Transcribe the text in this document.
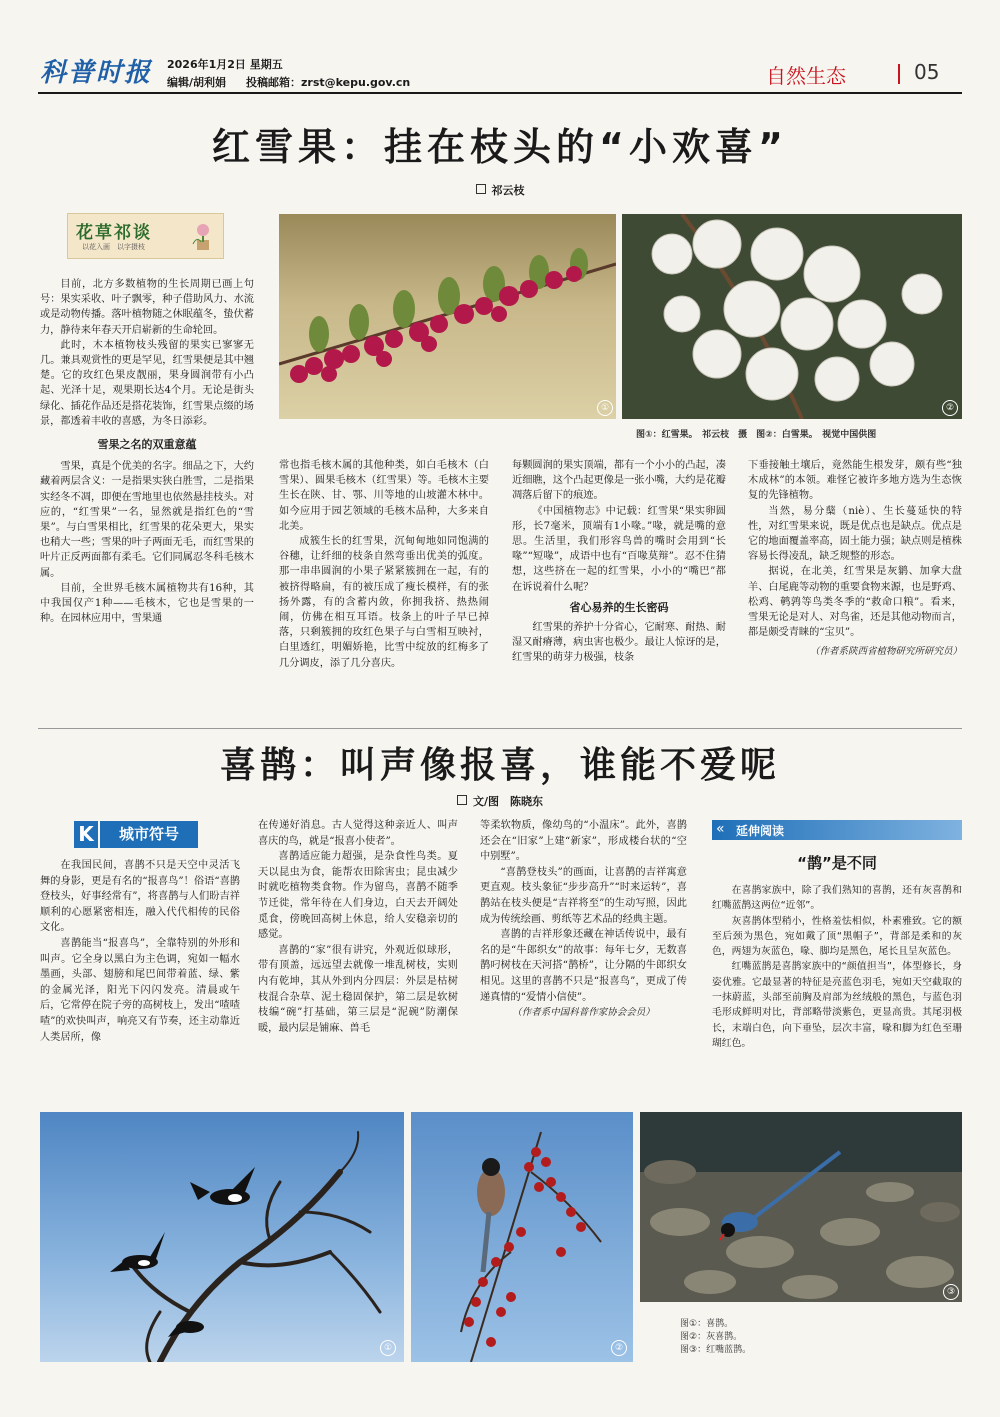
科普时报 2026年1月2日 星期五
编辑/胡利娟 投稿邮箱：zrst@kepu.gov.cn	自然生态	05
红雪果：挂在枝头的“小欢喜”
祁云枝
花草祁谈
以花入画　以字摄枝
①	②
图①：红雪果。　祁云枝　摄　图②：白雪果。　视觉中国供图

目前，北方多数植物的生长周期已画上句号：果实采收、叶子飘零，种子借助风力、水流或是动物传播。落叶植物随之休眠蕴冬，蛰伏蓄力，静待来年春天开启崭新的生命轮回。

此时，木本植物枝头残留的果实已寥寥无几。兼具观赏性的更是罕见，红雪果便是其中翘楚。它的玫红色果皮靓丽，果身圆润带有小凸起、光泽十足，观果期长达4个月。无论是街头绿化、插花作品还是搭花装饰，红雪果点缀的场景，都透着丰收的喜感，为冬日添彩。

雪果之名的双重意蕴

雪果，真是个优美的名字。细品之下，大约藏着两层含义：一是指果实狭白胜雪，二是指果实经冬不凋，即便在雪地里也依然悬挂枝头。对应的，“红雪果”一名，显然就是指红色的“雪果”。与白雪果相比，红雪果的花朵更大，果实也稍大一些；雪果的叶子两面无毛，而红雪果的叶片正反两面都有柔毛。它们同属忍冬科毛核木属。

目前，全世界毛核木属植物共有16种，其中我国仅产1种——毛核木，它也是雪果的一种。在园林应用中，雪果通

常也指毛核木属的其他种类，如白毛核木（白雪果）、圆果毛核木（红雪果）等。毛核木主要生长在陕、甘、鄂、川等地的山坡灌木林中。如今应用于园艺领域的毛核木品种，大多来自北美。

成簇生长的红雪果，沉甸甸地如同饱满的谷穗，让纤细的枝条自然弯垂出优美的弧度。那一串串圆润的小果子紧紧簇拥在一起，有的被挤得略扁，有的被压成了瘦长模样，有的张扬外露，有的含蓄内敛，你拥我挤、热热闹闹，仿佛在相互耳语。枝条上的叶子早已掉落，只剩簇拥的玫红色果子与白雪相互映衬，白里透红，明媚娇艳，比雪中绽放的红梅多了几分调皮，添了几分喜庆。

每颗圆润的果实顶端，都有一个小小的凸起，凑近细瞧，这个凸起更像是一张小嘴，大约是花瓣凋落后留下的痕迹。

《中国植物志》中记载：红雪果“果实卵圆形，长7毫米，顶端有1小喙。”喙，就是嘴的意思。生活里，我们形容鸟兽的嘴时会用到“长喙”“短喙”，成语中也有“百喙莫辩”。忍不住猜想，这些挤在一起的红雪果，小小的“嘴巴”都在诉说着什么呢？

省心易养的生长密码

红雪果的养护十分省心，它耐寒、耐热、耐湿又耐瘠薄，病虫害也极少。最让人惊讶的是，红雪果的萌芽力极强，枝条

下垂接触土壤后，竟然能生根发芽，颇有些“独木成林”的本领。难怪它被许多地方选为生态恢复的先锋植物。

当然，易分蘖（niè）、生长蔓延快的特性，对红雪果来说，既是优点也是缺点。优点是它的地面覆盖率高，固土能力强；缺点则是植株容易长得凌乱，缺乏规整的形态。

据说，在北美，红雪果是灰鹟、加拿大盘羊、白尾鹿等动物的重要食物来源，也是野鸡、松鸡、鹌鹑等鸟类冬季的“救命口粮”。看来，雪果无论是对人、对鸟雀，还是其他动物而言，都是颇受青睐的“宝贝”。

（作者系陕西省植物研究所研究员）
喜鹊：叫声像报喜，谁能不爱呢
文/图　陈晓东
K	城市符号

在我国民间，喜鹊不只是天空中灵活飞舞的身影，更是有名的“报喜鸟”！俗语“喜鹊登枝头，好事经常有”，将喜鹊与人们盼吉祥顺利的心愿紧密相连，融入代代相传的民俗文化。

喜鹊能当“报喜鸟”，全靠特别的外形和叫声。它全身以黑白为主色调，宛如一幅水墨画，头部、翅膀和尾巴间带着蓝、绿、紫的金属光泽，阳光下闪闪发亮。清晨或午后，它常停在院子旁的高树枝上，发出“喳喳喳”的欢快叫声，响亮又有节奏，还主动靠近人类居所，像

在传递好消息。古人觉得这种亲近人、叫声喜庆的鸟，就是“报喜小使者”。

喜鹊适应能力超强，是杂食性鸟类。夏天以昆虫为食，能帮农田除害虫；昆虫减少时就吃植物类食物。作为留鸟，喜鹊不随季节迁徙，常年待在人们身边，白天去开阔处觅食，傍晚回高树上休息，给人安稳亲切的感觉。

喜鹊的“家”很有讲究，外观近似球形，带有顶盖，远远望去就像一堆乱树枝，实则内有乾坤，其从外到内分四层：外层是枯树枝混合杂草、泥土稳固保护，第二层是软树枝编“碗”打基础，第三层是“泥碗”防潮保暖，最内层是铺麻、兽毛

等柔软物质，像幼鸟的“小温床”。此外，喜鹊还会在“旧家”上建“新家”，形成楼台状的“空中别墅”。

“喜鹊登枝头”的画面，让喜鹊的吉祥寓意更直观。枝头象征“步步高升”“时来运转”，喜鹊站在枝头便是“吉祥将至”的生动写照，因此成为传统绘画、剪纸等艺术品的经典主题。

喜鹊的吉祥形象还藏在神话传说中，最有名的是“牛郎织女”的故事：每年七夕，无数喜鹊叼树枝在天河搭“鹊桥”，让分隔的牛郎织女相见。这里的喜鹊不只是“报喜鸟”，更成了传递真情的“爱情小信使”。

（作者系中国科普作家协会会员）
« 延伸阅读
“鹊”是不同

在喜鹊家族中，除了我们熟知的喜鹊，还有灰喜鹊和红嘴蓝鹊这两位“近邻”。

灰喜鹊体型稍小，性格羞怯相似，朴素雅致。它的额至后颈为黑色，宛如戴了顶“黑帽子”，背部是柔和的灰色，两翅为灰蓝色，喙、脚均是黑色，尾长且呈灰蓝色。

红嘴蓝鹊是喜鹊家族中的“颜值担当”，体型修长，身姿优雅。它最显著的特征是亮蓝色羽毛，宛如天空截取的一抹蔚蓝，头部至前胸及肩部为丝绒般的黑色，与蓝色羽毛形成鲜明对比，背部略带淡紫色，更显高贵。其尾羽极长，末端白色，向下垂坠，层次丰富，喙和脚为红色至珊瑚红色。

①	②
③
图①：喜鹊。
图②：灰喜鹊。
图③：红嘴蓝鹊。
